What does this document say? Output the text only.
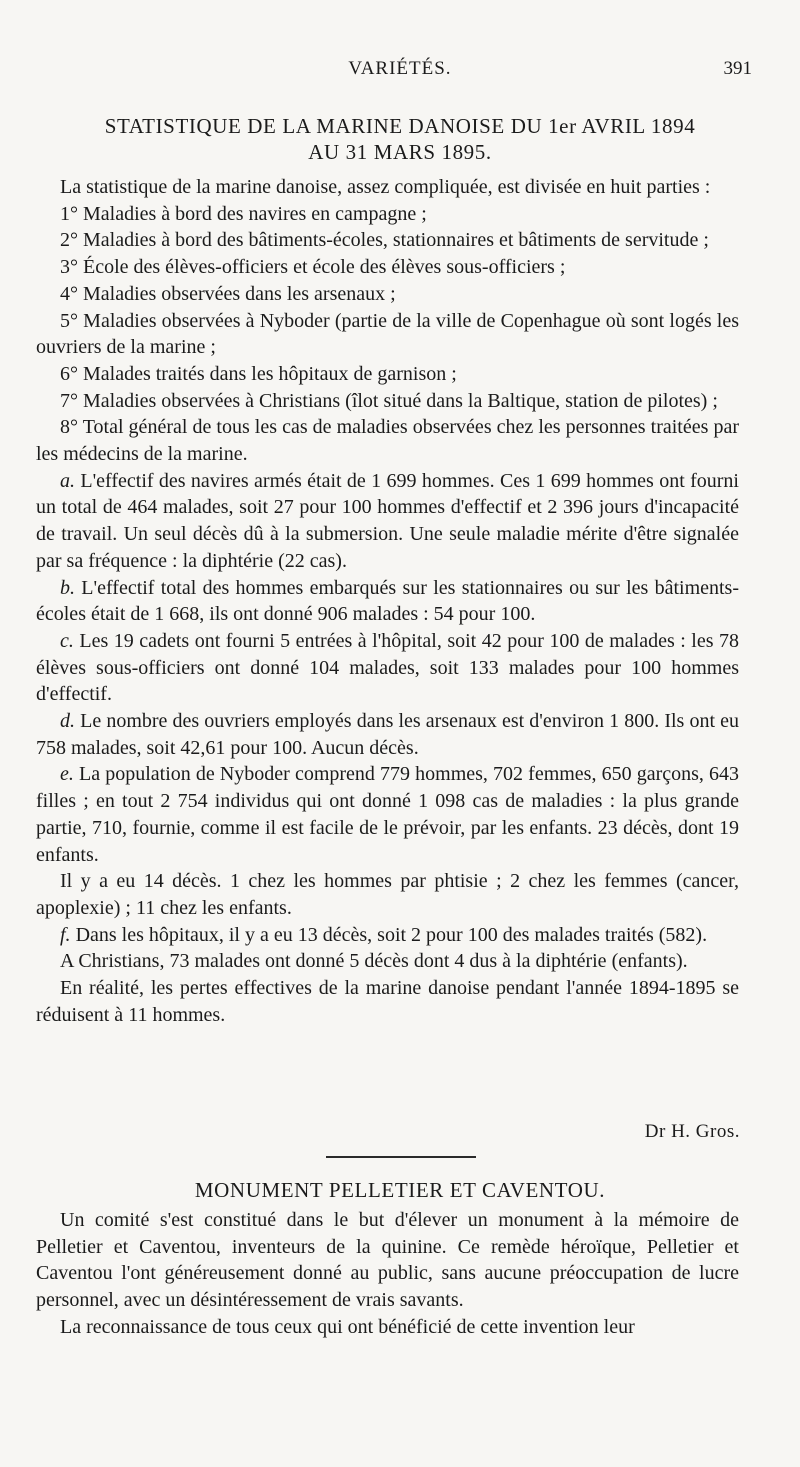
VARIÉTÉS.	391
STATISTIQUE DE LA MARINE DANOISE DU 1er AVRIL 1894
AU 31 MARS 1895.

La statistique de la marine danoise, assez compliquée, est divisée en huit parties :

1° Maladies à bord des navires en campagne ;

2° Maladies à bord des bâtiments-écoles, stationnaires et bâtiments de servitude ;

3° École des élèves-officiers et école des élèves sous-officiers ;

4° Maladies observées dans les arsenaux ;

5° Maladies observées à Nyboder (partie de la ville de Copenhague où sont logés les ouvriers de la marine ;

6° Malades traités dans les hôpitaux de garnison ;

7° Maladies observées à Christians (îlot situé dans la Baltique, station de pilotes) ;

8° Total général de tous les cas de maladies observées chez les personnes traitées par les médecins de la marine.

a. L'effectif des navires armés était de 1 699 hommes. Ces 1 699 hommes ont fourni un total de 464 malades, soit 27 pour 100 hommes d'effectif et 2 396 jours d'incapacité de travail. Un seul décès dû à la submersion. Une seule maladie mérite d'être signalée par sa fréquence : la diphtérie (22 cas).

b. L'effectif total des hommes embarqués sur les stationnaires ou sur les bâtiments-écoles était de 1 668, ils ont donné 906 malades : 54 pour 100.

c. Les 19 cadets ont fourni 5 entrées à l'hôpital, soit 42 pour 100 de malades : les 78 élèves sous-officiers ont donné 104 malades, soit 133 malades pour 100 hommes d'effectif.

d. Le nombre des ouvriers employés dans les arsenaux est d'environ 1 800. Ils ont eu 758 malades, soit 42,61 pour 100. Aucun décès.

e. La population de Nyboder comprend 779 hommes, 702 femmes, 650 garçons, 643 filles ; en tout 2 754 individus qui ont donné 1 098 cas de maladies : la plus grande partie, 710, fournie, comme il est facile de le prévoir, par les enfants. 23 décès, dont 19 enfants.

Il y a eu 14 décès. 1 chez les hommes par phtisie ; 2 chez les femmes (cancer, apoplexie) ; 11 chez les enfants.

f. Dans les hôpitaux, il y a eu 13 décès, soit 2 pour 100 des malades traités (582).

A Christians, 73 malades ont donné 5 décès dont 4 dus à la diphtérie (enfants).

En réalité, les pertes effectives de la marine danoise pendant l'année 1894-1895 se réduisent à 11 hommes.

Dr H. Gros.
MONUMENT PELLETIER ET CAVENTOU.

Un comité s'est constitué dans le but d'élever un monument à la mémoire de Pelletier et Caventou, inventeurs de la quinine. Ce remède héroïque, Pelletier et Caventou l'ont généreusement donné au public, sans aucune préoccupation de lucre personnel, avec un désintéressement de vrais savants.

La reconnaissance de tous ceux qui ont bénéficié de cette invention leur
